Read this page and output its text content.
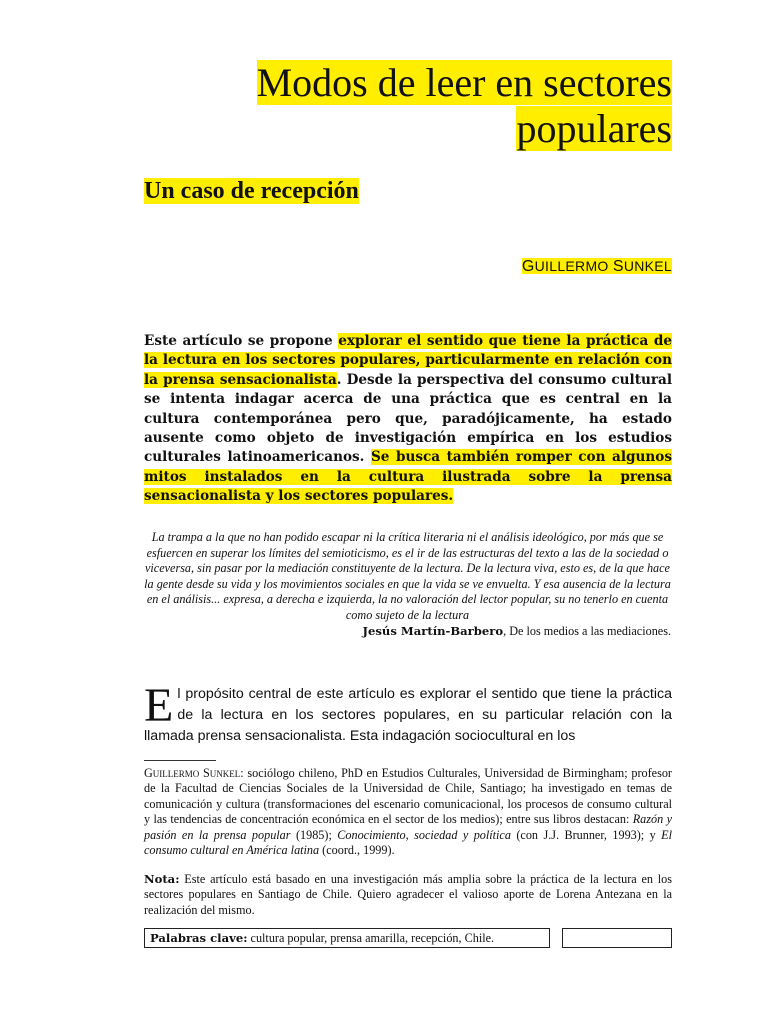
Modos de leer en sectores
populares
Un caso de recepción
GUILLERMO SUNKEL

Este artículo se propone explorar el sentido que tiene la práctica de la lectura en los sectores populares, particularmente en relación con la prensa sensacionalista. Desde la perspectiva del consumo cultural se intenta indagar acerca de una práctica que es central en la cultura contemporánea pero que, paradójicamente, ha estado ausente como objeto de investigación empírica en los estudios culturales latinoamericanos. Se busca también romper con algunos mitos instalados en la cultura ilustrada sobre la prensa sensacionalista y los sectores populares.

La trampa a la que no han podido escapar ni la crítica literaria ni el análisis ideológico, por más que se esfuercen en superar los límites del semioticismo, es el ir de las estructuras del texto a las de la sociedad o viceversa, sin pasar por la mediación constituyente de la lectura. De la lectura viva, esto es, de la que hace la gente desde su vida y los movimientos sociales en que la vida se ve envuelta. Y esa ausencia de la lectura en el análisis... expresa, a derecha e izquierda, la no valoración del lector popular, su no tenerlo en cuenta como sujeto de la lectura
Jesús Martín-Barbero, De los medios a las mediaciones.

El propósito central de este artículo es explorar el sentido que tiene la práctica de la lectura en los sectores populares, en su particular relación con la llamada prensa sensacionalista. Esta indagación sociocultural en los

Guillermo Sunkel: sociólogo chileno, PhD en Estudios Culturales, Universidad de Birmingham; profesor de la Facultad de Ciencias Sociales de la Universidad de Chile, Santiago; ha investigado en temas de comunicación y cultura (transformaciones del escenario comunicacional, los procesos de consumo cultural y las tendencias de concentración económica en el sector de los medios); entre sus libros destacan: Razón y pasión en la prensa popular (1985); Conocimiento, sociedad y política (con J.J. Brunner, 1993); y El consumo cultural en América latina (coord., 1999).

Nota: Este artículo está basado en una investigación más amplia sobre la práctica de la lectura en los sectores populares en Santiago de Chile. Quiero agradecer el valioso aporte de Lorena Antezana en la realización del mismo.

Palabras clave: cultura popular, prensa amarilla, recepción, Chile.
